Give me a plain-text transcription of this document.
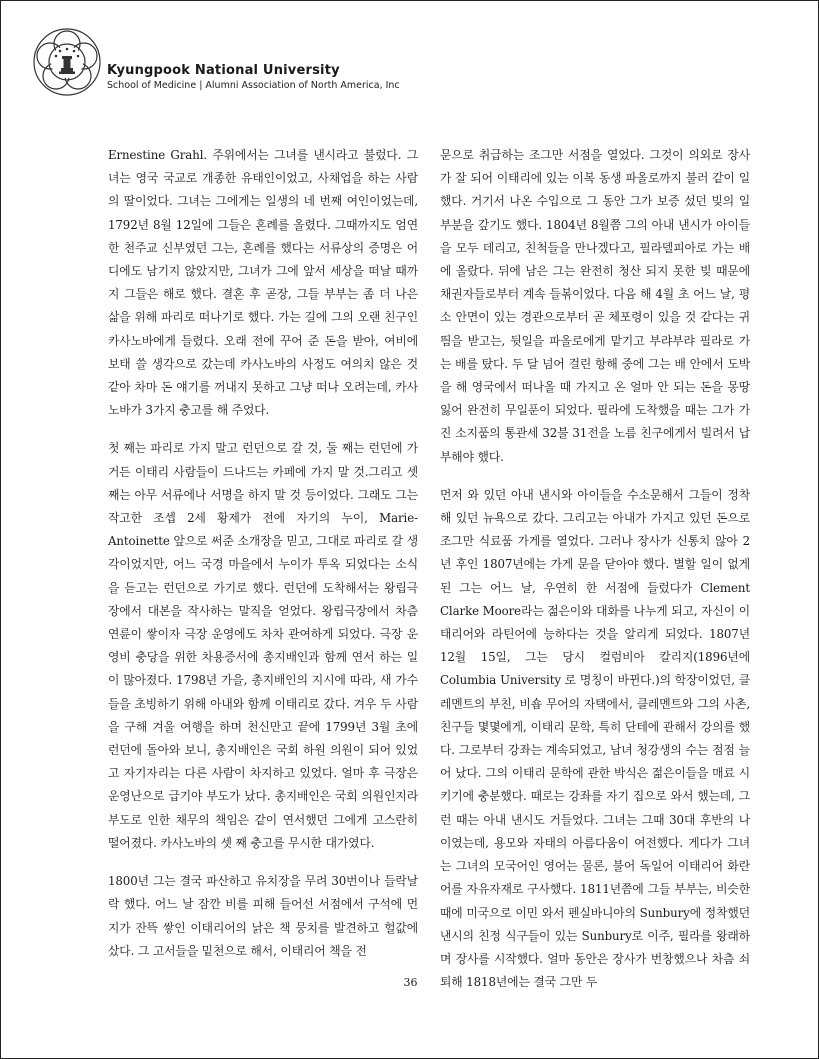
Kyungpook National University
School of Medicine | Alumni Association of North America, Inc

Ernestine Grahl. 주위에서는 그녀를 낸시라고 불렀다. 그녀는 영국 국교로 개종한 유태인이었고, 사채업을 하는 사람의 딸이었다. 그녀는 그에게는 일생의 네 번째 여인이었는데, 1792년 8월 12일에 그들은 혼례를 올렸다. 그때까지도 엄연한 천주교 신부였던 그는, 혼례를 했다는 서류상의 증명은 어디에도 남기지 않았지만, 그녀가 그에 앞서 세상을 떠날 때까지 그들은 해로 했다. 결혼 후 곧장, 그들 부부는 좀 더 나은 삶을 위해 파리로 떠나기로 했다. 가는 길에 그의 오랜 친구인 카사노바에게 들렸다. 오래 전에 꾸어 준 돈을 받아, 여비에 보태 쓸 생각으로 갔는데 카사노바의 사정도 여의치 않은 것 같아 차마 돈 얘기를 꺼내지 못하고 그냥 떠나 오려는데, 카사노바가 3가지 충고를 해 주었다.

첫 째는 파리로 가지 말고 런던으로 갈 것, 둘 째는 런던에 가거든 이태리 사람들이 드나드는 카페에 가지 말 것.그리고 셋 째는 아무 서류에나 서명을 하지 말 것 등이었다. 그래도 그는 작고한 조셉 2세 황제가 전에 자기의 누이, Marie-Antoinette 앞으로 써준 소개장을 믿고, 그대로 파리로 갈 생각이었지만, 어느 국경 마을에서 누이가 투옥 되었다는 소식을 듣고는 런던으로 가기로 했다. 런던에 도착해서는 왕립극장에서 대본을 작사하는 말직을 얻었다. 왕립극장에서 차츰 연륜이 쌓이자 극장 운영에도 차차 관여하게 되었다. 극장 운영비 충당을 위한 차용증서에 총지배인과 함께 연서 하는 일이 많아졌다. 1798년 가을, 총지배인의 지시에 따라, 새 가수들을 초빙하기 위해 아내와 함께 이태리로 갔다. 겨우 두 사람을 구해 겨울 여행을 하며 천신만고 끝에 1799년 3월 초에 런던에 돌아와 보니, 총지배인은 국회 하원 의원이 되어 있었고 자기자리는 다른 사람이 차지하고 있었다. 얼마 후 극장은 운영난으로 급기야 부도가 났다. 총지배인은 국회 의원인지라 부도로 인한 채무의 책임은 같이 연서했던 그에게 고스란히 떨어졌다. 카사노바의 셋 째 충고를 무시한 대가였다.

1800년 그는 결국 파산하고 유치장을 무려 30번이나 들락날락 했다. 어느 날 잠깐 비를 피해 들어선 서점에서 구석에 먼지가 잔뜩 쌓인 이태리어의 낡은 책 뭉치를 발견하고 헐값에 샀다. 그 고서들을 밑천으로 해서, 이태리어 책을 전

문으로 취급하는 조그만 서점을 열었다. 그것이 의외로 장사가 잘 되어 이태리에 있는 이복 동생 파올로까지 불러 같이 일했다. 거기서 나온 수입으로 그 동안 그가 보증 섰던 빚의 일부분을 갚기도 했다. 1804년 8월쯤 그의 아내 낸시가 아이들을 모두 데리고, 친척들을 만나겠다고, 필라델피아로 가는 배에 올랐다. 뒤에 남은 그는 완전히 청산 되지 못한 빚 때문에 채권자들로부터 계속 들볶이었다. 다음 해 4월 초 어느 날, 평소 안면이 있는 경관으로부터 곧 체포령이 있을 것 같다는 귀띔을 받고는, 뒷일을 파올로에게 맡기고 부랴부랴 필라로 가는 배를 탔다. 두 달 넘어 걸린 항해 중에 그는 배 안에서 도박을 해 영국에서 떠나올 때 가지고 온 얼마 안 되는 돈을 몽땅 잃어 완전히 무일푼이 되었다. 필라에 도착했을 때는 그가 가진 소지품의 통관세 32불 31전을 노름 친구에게서 빌려서 납부해야 했다.

먼저 와 있던 아내 낸시와 아이들을 수소문해서 그들이 정착해 있던 뉴욕으로 갔다. 그리고는 아내가 가지고 있던 돈으로 조그만 식료품 가게를 열었다. 그러나 장사가 신통치 않아 2년 후인 1807년에는 가게 문을 닫아야 했다. 별할 일이 없게 된 그는 어느 날, 우연히 한 서점에 들렀다가 Clement Clarke Moore라는 젊은이와 대화를 나누게 되고, 자신이 이태리어와 라틴어에 능하다는 것을 알리게 되었다. 1807년 12월 15일, 그는 당시 컬럼비아 칼리지(1896년에 Columbia University 로 명칭이 바뀐다.)의 학장이었던, 클레멘트의 부친, 비숍 무어의 자택에서, 클레멘트와 그의 사촌, 친구들 몇몇에게, 이태리 문학, 특히 단테에 관해서 강의를 했다. 그로부터 강좌는 계속되었고, 남녀 청강생의 수는 점점 늘어 났다. 그의 이태리 문학에 관한 박식은 젊은이들을 매료 시키기에 충분했다. 때로는 강좌를 자기 집으로 와서 했는데, 그런 때는 아내 낸시도 거들었다. 그녀는 그때 30대 후반의 나이였는데, 용모와 자태의 아름다움이 여전했다. 게다가 그녀는 그녀의 모국어인 영어는 물론, 불어 독일어 이태리어 화란어를 자유자재로 구사했다. 1811년쯤에 그들 부부는, 비슷한 때에 미국으로 이민 와서 펜실바니아의 Sunbury에 정착했던 낸시의 친정 식구들이 있는 Sunbury로 이주, 필라를 왕래하며 장사를 시작했다. 얼마 동안은 장사가 번창했으나 차츰 쇠퇴해 1818년에는 결국 그만 두

36
